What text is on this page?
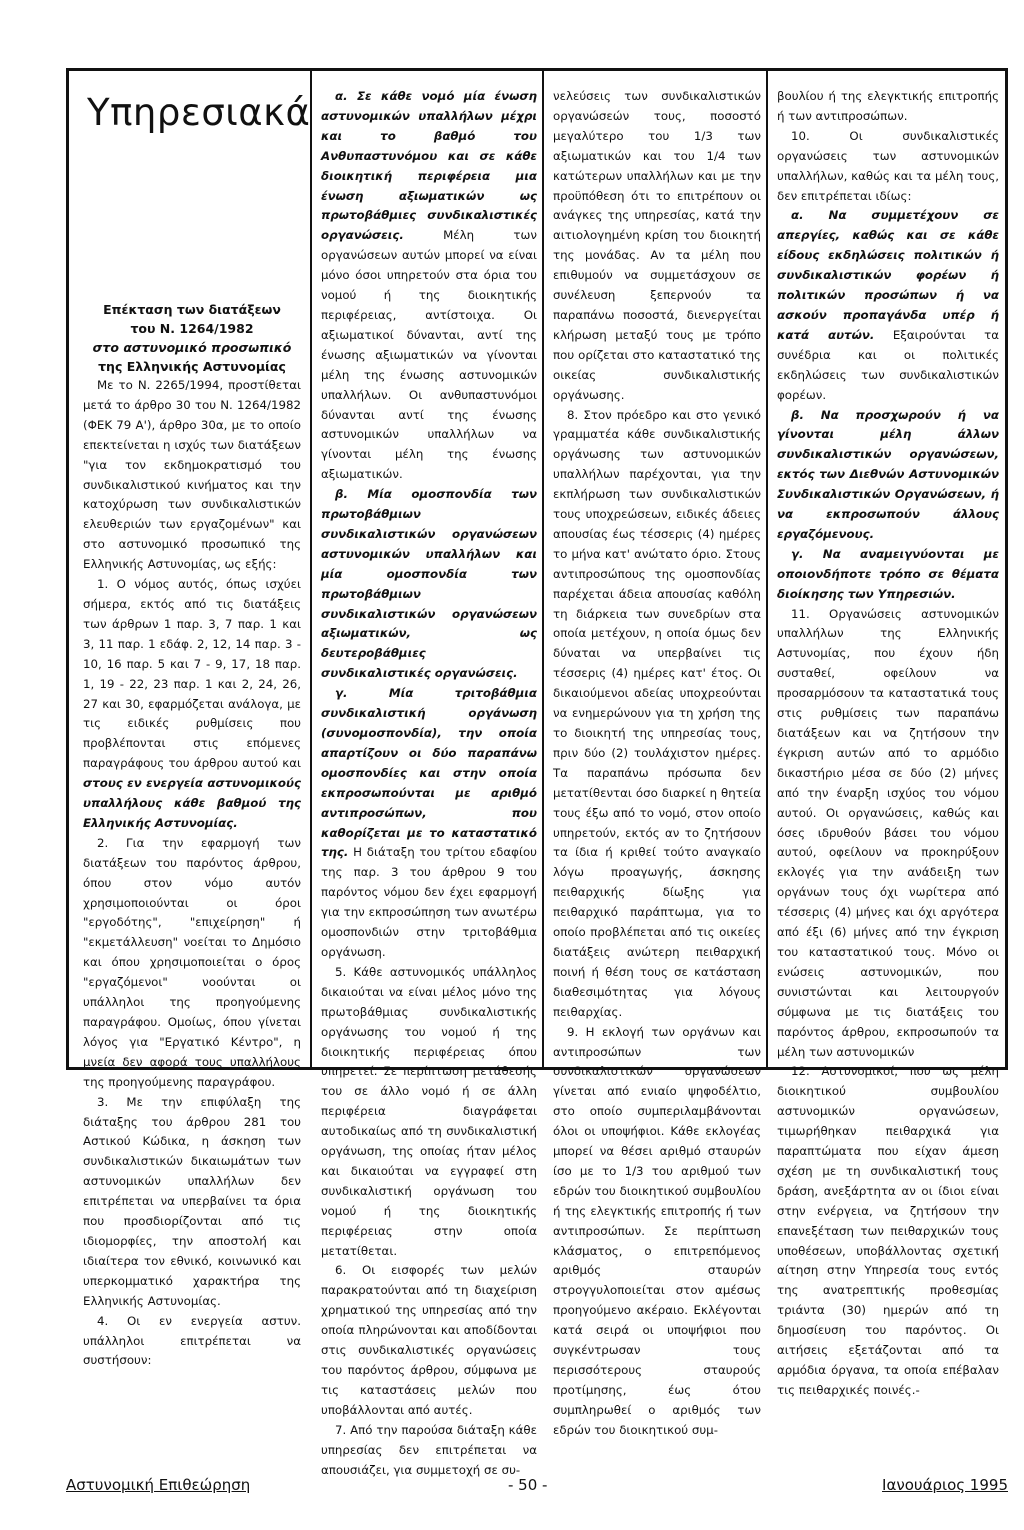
Υπηρεσιακά
Επέκταση των διατάξεων
του Ν. 1264/1982
στο αστυνομικό προσωπικό
της Ελληνικής Αστυνομίας

Με το Ν. 2265/1994, προστίθεται μετά το άρθρο 30 του Ν. 1264/1982 (ΦΕΚ 79 Α'), άρθρο 30α, με το οποίο επεκτείνεται η ισχύς των διατάξεων "για τον εκδημοκρατισμό του συνδικαλιστικού κινήματος και την κατοχύρωση των συνδικαλιστικών ελευθεριών των εργαζομένων" και στο αστυνομικό προσωπικό της Ελληνικής Αστυνομίας, ως εξής:

1. Ο νόμος αυτός, όπως ισχύει σήμερα, εκτός από τις διατάξεις των άρθρων 1 παρ. 3, 7 παρ. 1 και 3, 11 παρ. 1 εδάφ. 2, 12, 14 παρ. 3 - 10, 16 παρ. 5 και 7 - 9, 17, 18 παρ. 1, 19 - 22, 23 παρ. 1 και 2, 24, 26, 27 και 30, εφαρμόζεται ανάλογα, με τις ειδικές ρυθμίσεις που προβλέπονται στις επόμενες παραγράφους του άρθρου αυτού και στους εν ενεργεία αστυνομικούς υπαλλήλους κάθε βαθμού της Ελληνικής Αστυνομίας.

2. Για την εφαρμογή των διατάξεων του παρόντος άρθρου, όπου στον νόμο αυτόν χρησιμοποιούνται οι όροι "εργοδότης", "επιχείρηση" ή "εκμετάλλευση" νοείται το Δημόσιο και όπου χρησιμοποιείται ο όρος "εργαζόμενοι" νοούνται οι υπάλληλοι της προηγούμενης παραγράφου. Ομοίως, όπου γίνεται λόγος για "Εργατικό Κέντρο", η μνεία δεν αφορά τους υπαλλήλους της προηγούμενης παραγράφου.

3. Με την επιφύλαξη της διάταξης του άρθρου 281 του Αστικού Κώδικα, η άσκηση των συνδικαλιστικών δικαιωμάτων των αστυνομικών υπαλλήλων δεν επιτρέπεται να υπερβαίνει τα όρια που προσδιορίζονται από τις ιδιομορφίες, την αποστολή και ιδιαίτερα τον εθνικό, κοινωνικό και υπερκομματικό χαρακτήρα της Ελληνικής Αστυνομίας.

4. Οι εν ενεργεία αστυν. υπάλληλοι επιτρέπεται να συστήσουν:

α. Σε κάθε νομό μία ένωση αστυνομικών υπαλλήλων μέχρι και το βαθμό του Ανθυπαστυνόμου και σε κάθε διοικητική περιφέρεια μια ένωση αξιωματικών ως πρωτοβάθμιες συνδικαλιστικές οργανώσεις. Μέλη των οργανώσεων αυτών μπορεί να είναι μόνο όσοι υπηρετούν στα όρια του νομού ή της διοικητικής περιφέρειας, αντίστοιχα. Οι αξιωματικοί δύνανται, αντί της ένωσης αξιωματικών να γίνονται μέλη της ένωσης αστυνομικών υπαλλήλων. Οι ανθυπαστυνόμοι δύνανται αντί της ένωσης αστυνομικών υπαλλήλων να γίνονται μέλη της ένωσης αξιωματικών.

β. Μία ομοσπονδία των πρωτοβάθμιων συνδικαλιστικών οργανώσεων αστυνομικών υπαλλήλων και μία ομοσπονδία των πρωτοβάθμιων συνδικαλιστικών οργανώσεων αξιωματικών, ως δευτεροβάθμιες συνδικαλιστικές οργανώσεις.

γ. Μία τριτοβάθμια συνδικαλιστική οργάνωση (συνομοσπονδία), την οποία απαρτίζουν οι δύο παραπάνω ομοσπονδίες και στην οποία εκπροσωπούνται με αριθμό αντιπροσώπων, που καθορίζεται με το καταστατικό της. Η διάταξη του τρίτου εδαφίου της παρ. 3 του άρθρου 9 του παρόντος νόμου δεν έχει εφαρμογή για την εκπροσώπηση των ανωτέρω ομοσπονδιών στην τριτοβάθμια οργάνωση.

5. Κάθε αστυνομικός υπάλληλος δικαιούται να είναι μέλος μόνο της πρωτοβάθμιας συνδικαλιστικής οργάνωσης του νομού ή της διοικητικής περιφέρειας όπου υπηρετεί. Σε περίπτωση μετάθεσής του σε άλλο νομό ή σε άλλη περιφέρεια διαγράφεται αυτοδικαίως από τη συνδικαλιστική οργάνωση, της οποίας ήταν μέλος και δικαιούται να εγγραφεί στη συνδικαλιστική οργάνωση του νομού ή της διοικητικής περιφέρειας στην οποία μετατίθεται.

6. Οι εισφορές των μελών παρακρατούνται από τη διαχείριση χρηματικού της υπηρεσίας από την οποία πληρώνονται και αποδίδονται στις συνδικαλιστικές οργανώσεις του παρόντος άρθρου, σύμφωνα με τις καταστάσεις μελών που υποβάλλονται από αυτές.

7. Από την παρούσα διάταξη κάθε υπηρεσίας δεν επιτρέπεται να απουσιάζει, για συμμετοχή σε συ-

νελεύσεις των συνδικαλιστικών οργανώσεών τους, ποσοστό μεγαλύτερο του 1/3 των αξιωματικών και του 1/4 των κατώτερων υπαλλήλων και με την προϋπόθεση ότι το επιτρέπουν οι ανάγκες της υπηρεσίας, κατά την αιτιολογημένη κρίση του διοικητή της μονάδας. Αν τα μέλη που επιθυμούν να συμμετάσχουν σε συνέλευση ξεπερνούν τα παραπάνω ποσοστά, διενεργείται κλήρωση μεταξύ τους με τρόπο που ορίζεται στο καταστατικό της οικείας συνδικαλιστικής οργάνωσης.

8. Στον πρόεδρο και στο γενικό γραμματέα κάθε συνδικαλιστικής οργάνωσης των αστυνομικών υπαλλήλων παρέχονται, για την εκπλήρωση των συνδικαλιστικών τους υποχρεώσεων, ειδικές άδειες απουσίας έως τέσσερις (4) ημέρες το μήνα κατ' ανώτατο όριο. Στους αντιπροσώπους της ομοσπονδίας παρέχεται άδεια απουσίας καθόλη τη διάρκεια των συνεδρίων στα οποία μετέχουν, η οποία όμως δεν δύναται να υπερβαίνει τις τέσσερις (4) ημέρες κατ' έτος. Οι δικαιούμενοι αδείας υποχρεούνται να ενημερώνουν για τη χρήση της το διοικητή της υπηρεσίας τους, πριν δύο (2) τουλάχιστον ημέρες. Τα παραπάνω πρόσωπα δεν μετατίθενται όσο διαρκεί η θητεία τους έξω από το νομό, στον οποίο υπηρετούν, εκτός αν το ζητήσουν τα ίδια ή κριθεί τούτο αναγκαίο λόγω προαγωγής, άσκησης πειθαρχικής δίωξης για πειθαρχικό παράπτωμα, για το οποίο προβλέπεται από τις οικείες διατάξεις ανώτερη πειθαρχική ποινή ή θέση τους σε κατάσταση διαθεσιμότητας για λόγους πειθαρχίας.

9. Η εκλογή των οργάνων και αντιπροσώπων των συνδικαλιστικών οργανώσεων γίνεται από ενιαίο ψηφοδέλτιο, στο οποίο συμπεριλαμβάνονται όλοι οι υποψήφιοι. Κάθε εκλογέας μπορεί να θέσει αριθμό σταυρών ίσο με το 1/3 του αριθμού των εδρών του διοικητικού συμβουλίου ή της ελεγκτικής επιτροπής ή των αντιπροσώπων. Σε περίπτωση κλάσματος, ο επιτρεπόμενος αριθμός σταυρών στρογγυλοποιείται στον αμέσως προηγούμενο ακέραιο. Εκλέγονται κατά σειρά οι υποψήφιοι που συγκέντρωσαν τους περισσότερους σταυρούς προτίμησης, έως ότου συμπληρωθεί ο αριθμός των εδρών του διοικητικού συμ-

βουλίου ή της ελεγκτικής επιτροπής ή των αντιπροσώπων.

10. Οι συνδικαλιστικές οργανώσεις των αστυνομικών υπαλλήλων, καθώς και τα μέλη τους, δεν επιτρέπεται ιδίως:

α. Να συμμετέχουν σε απεργίες, καθώς και σε κάθε είδους εκδηλώσεις πολιτικών ή συνδικαλιστικών φορέων ή πολιτικών προσώπων ή να ασκούν προπαγάνδα υπέρ ή κατά αυτών. Εξαιρούνται τα συνέδρια και οι πολιτικές εκδηλώσεις των συνδικαλιστικών φορέων.

β. Να προσχωρούν ή να γίνονται μέλη άλλων συνδικαλιστικών οργανώσεων, εκτός των Διεθνών Αστυνομικών Συνδικαλιστικών Οργανώσεων, ή να εκπροσωπούν άλλους εργαζόμενους.

γ. Να αναμειγνύονται με οποιονδήποτε τρόπο σε θέματα διοίκησης των Υπηρεσιών.

11. Οργανώσεις αστυνομικών υπαλλήλων της Ελληνικής Αστυνομίας, που έχουν ήδη συσταθεί, οφείλουν να προσαρμόσουν τα καταστατικά τους στις ρυθμίσεις των παραπάνω διατάξεων και να ζητήσουν την έγκριση αυτών από το αρμόδιο δικαστήριο μέσα σε δύο (2) μήνες από την έναρξη ισχύος του νόμου αυτού. Οι οργανώσεις, καθώς και όσες ιδρυθούν βάσει του νόμου αυτού, οφείλουν να προκηρύξουν εκλογές για την ανάδειξη των οργάνων τους όχι νωρίτερα από τέσσερις (4) μήνες και όχι αργότερα από έξι (6) μήνες από την έγκριση του καταστατικού τους. Μόνο οι ενώσεις αστυνομικών, που συνιστώνται και λειτουργούν σύμφωνα με τις διατάξεις του παρόντος άρθρου, εκπροσωπούν τα μέλη των αστυνομικών

12. Αστυνομικοί, που ως μέλη διοικητικού συμβουλίου αστυνομικών οργανώσεων, τιμωρήθηκαν πειθαρχικά για παραπτώματα που είχαν άμεση σχέση με τη συνδικαλιστική τους δράση, ανεξάρτητα αν οι ίδιοι είναι στην ενέργεια, να ζητήσουν την επανεξέταση των πειθαρχικών τους υποθέσεων, υποβάλλοντας σχετική αίτηση στην Υπηρεσία τους εντός της ανατρεπτικής προθεσμίας τριάντα (30) ημερών από τη δημοσίευση του παρόντος. Οι αιτήσεις εξετάζονται από τα αρμόδια όργανα, τα οποία επέβαλαν τις πειθαρχικές ποινές.-

Αστυνομική Επιθεώρηση	- 50 -	Ιανουάριος 1995
